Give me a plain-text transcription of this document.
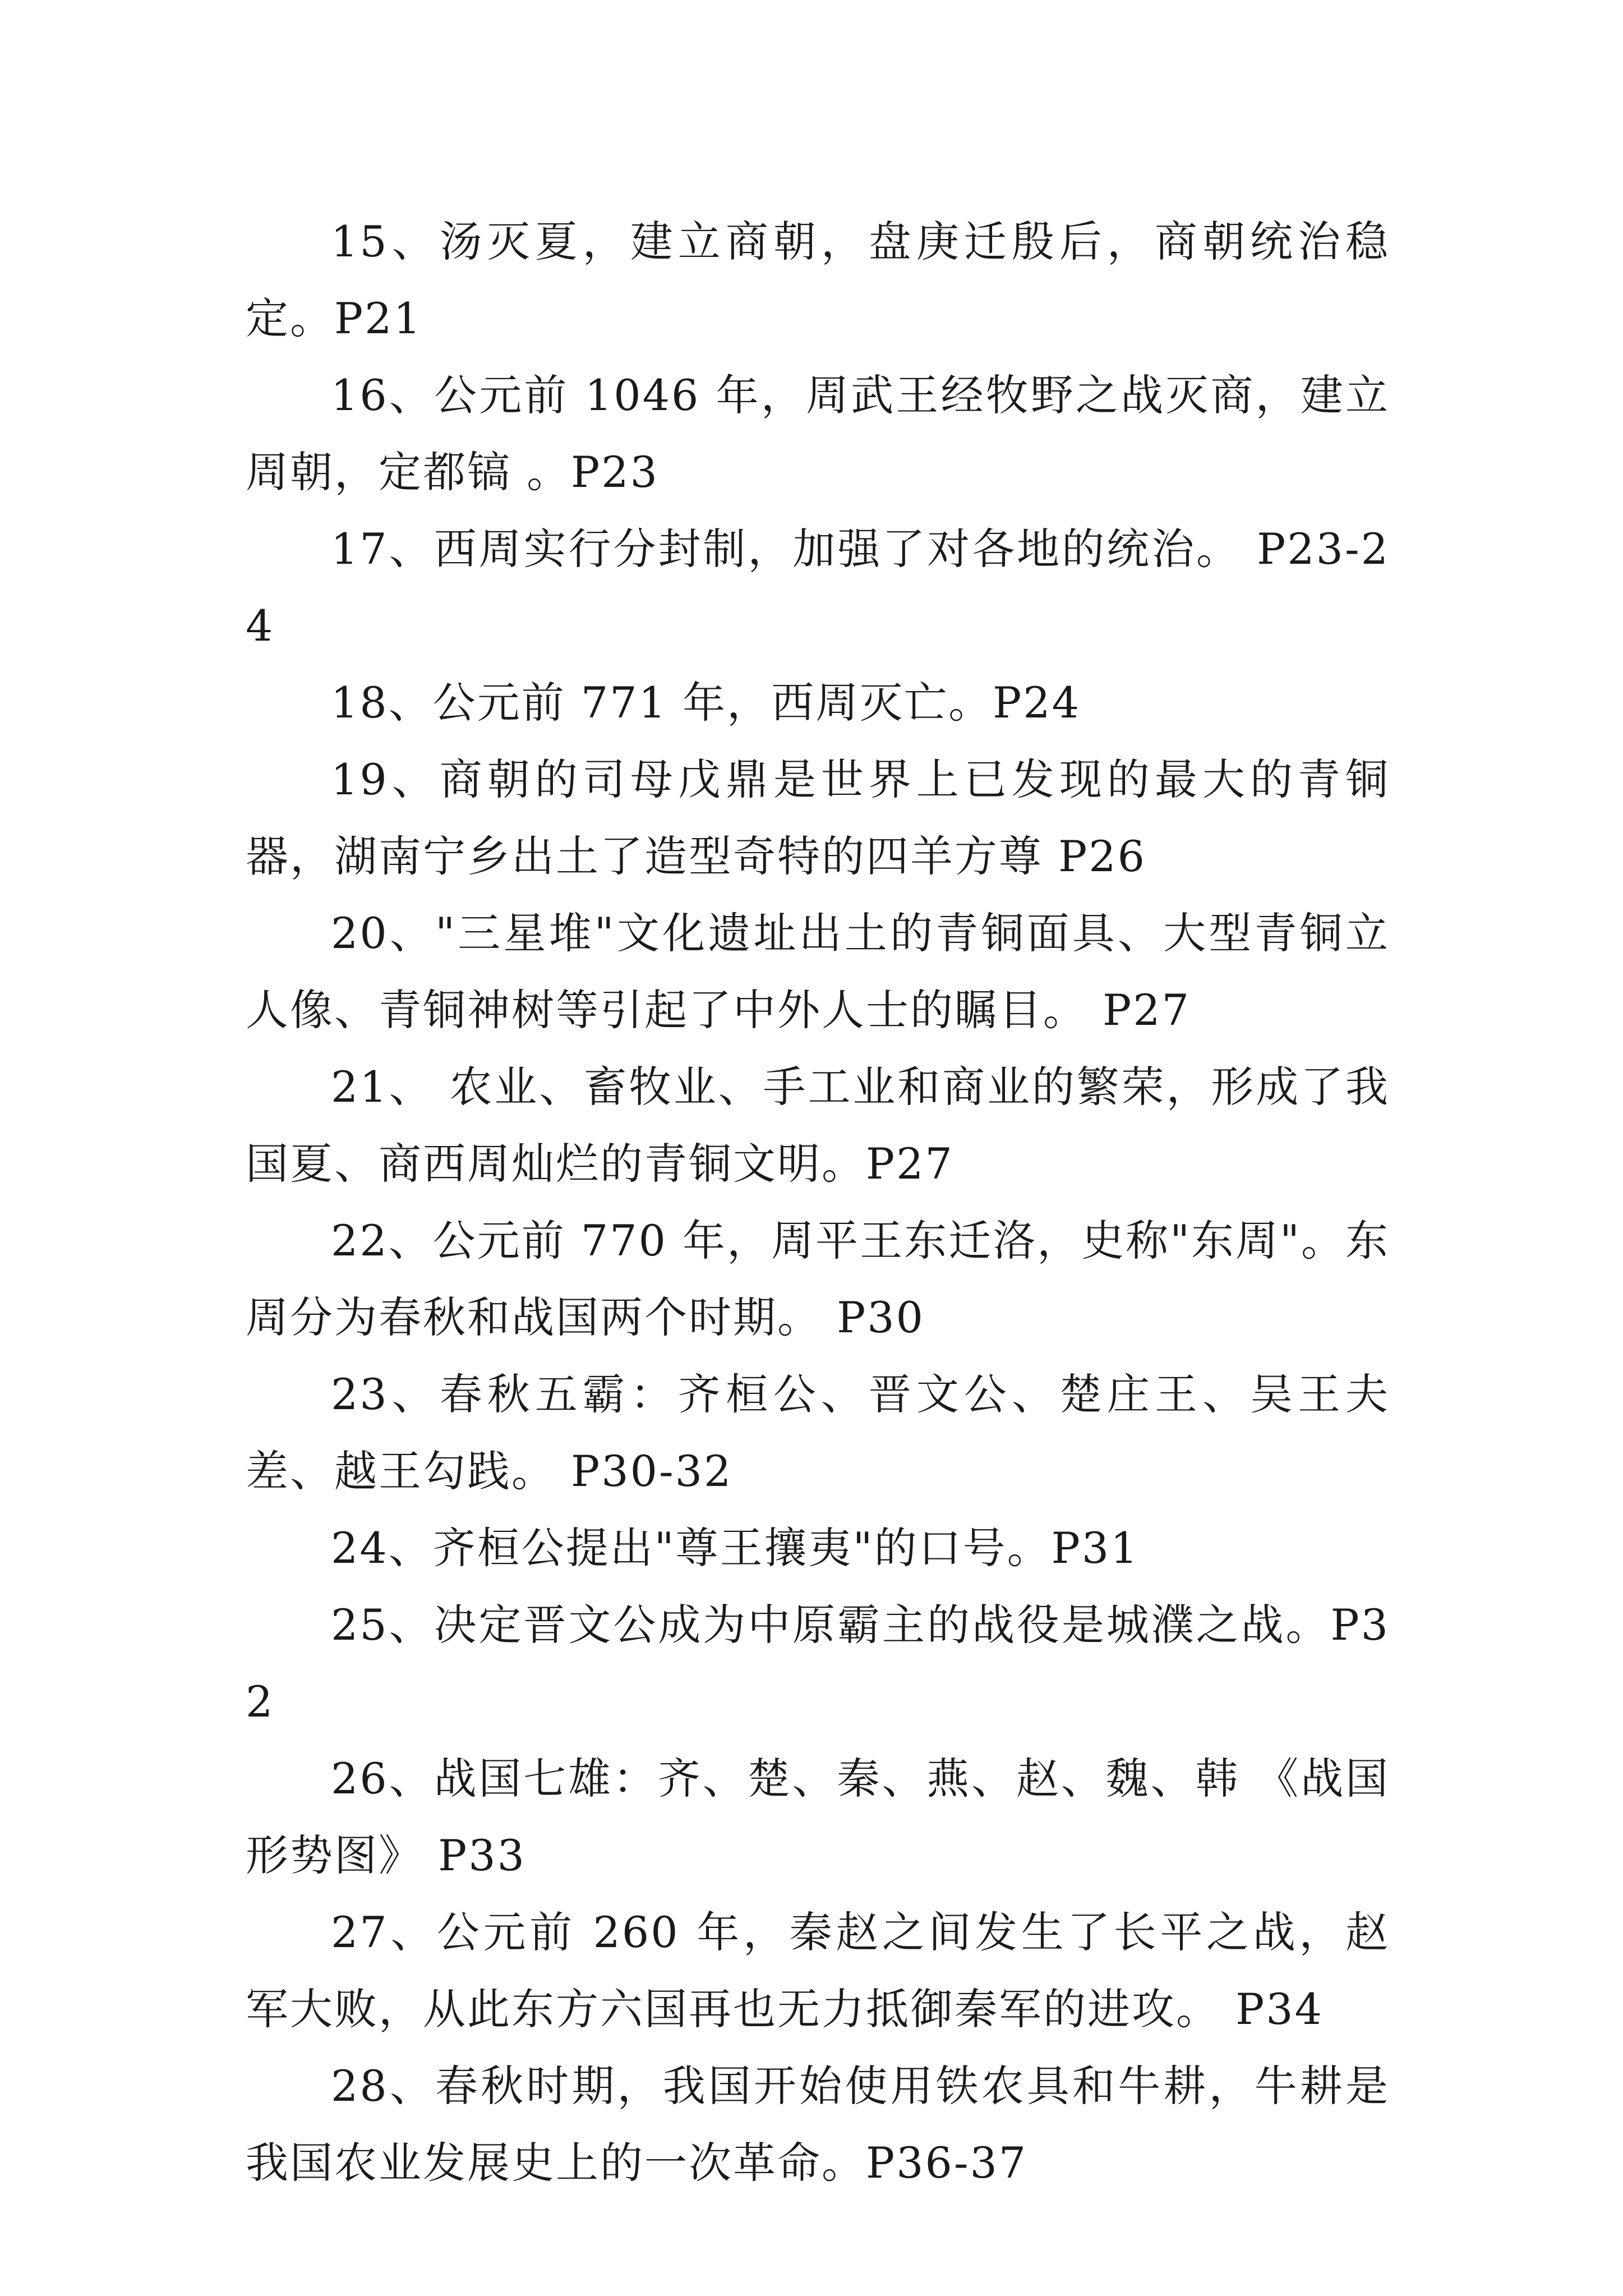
15、汤灭夏，建立商朝，盘庚迁殷后，商朝统治稳定。P21

16、公元前 1046 年，周武王经牧野之战灭商，建立周朝，定都镐 。P23

17、西周实行分封制，加强了对各地的统治。 P23-24

18、公元前 771 年，西周灭亡。P24

19、商朝的司母戊鼎是世界上已发现的最大的青铜器，湖南宁乡出土了造型奇特的四羊方尊 P26

20、"三星堆"文化遗址出土的青铜面具、大型青铜立人像、青铜神树等引起了中外人士的瞩目。 P27

21、 农业、畜牧业、手工业和商业的繁荣，形成了我国夏、商西周灿烂的青铜文明。P27

22、公元前 770 年，周平王东迁洛，史称"东周"。东周分为春秋和战国两个时期。 P30

23、春秋五霸：齐桓公、晋文公、楚庄王、吴王夫差、越王勾践。 P30-32

24、齐桓公提出"尊王攘夷"的口号。P31

25、决定晋文公成为中原霸主的战役是城濮之战。P32

26、战国七雄：齐、楚、秦、燕、赵、魏、韩 《战国形势图》 P33

27、公元前 260 年，秦赵之间发生了长平之战，赵军大败，从此东方六国再也无力抵御秦军的进攻。 P34

28、春秋时期，我国开始使用铁农具和牛耕，牛耕是我国农业发展史上的一次革命。P36-37
